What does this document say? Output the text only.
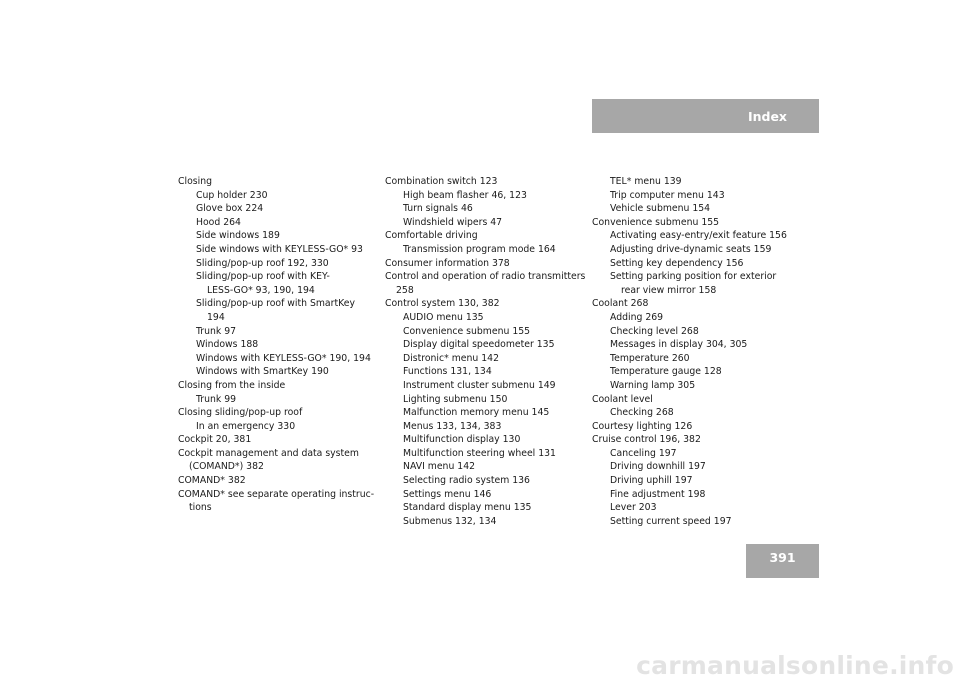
Index
Closing
Cup holder 230
Glove box 224
Hood 264
Side windows 189
Side windows with KEYLESS-GO* 93
Sliding/pop-up roof 192, 330
Sliding/pop-up roof with KEY-
LESS-GO* 93, 190, 194
Sliding/pop-up roof with SmartKey
194
Trunk 97
Windows 188
Windows with KEYLESS-GO* 190, 194
Windows with SmartKey 190
Closing from the inside
Trunk 99
Closing sliding/pop-up roof
In an emergency 330
Cockpit 20, 381
Cockpit management and data system
(COMAND*) 382
COMAND* 382
COMAND* see separate operating instruc-
tions
Combination switch 123
High beam flasher 46, 123
Turn signals 46
Windshield wipers 47
Comfortable driving
Transmission program mode 164
Consumer information 378
Control and operation of radio transmitters
258
Control system 130, 382
AUDIO menu 135
Convenience submenu 155
Display digital speedometer 135
Distronic* menu 142
Functions 131, 134
Instrument cluster submenu 149
Lighting submenu 150
Malfunction memory menu 145
Menus 133, 134, 383
Multifunction display 130
Multifunction steering wheel 131
NAVI menu 142
Selecting radio system 136
Settings menu 146
Standard display menu 135
Submenus 132, 134
TEL* menu 139
Trip computer menu 143
Vehicle submenu 154
Convenience submenu 155
Activating easy-entry/exit feature 156
Adjusting drive-dynamic seats 159
Setting key dependency 156
Setting parking position for exterior
rear view mirror 158
Coolant 268
Adding 269
Checking level 268
Messages in display 304, 305
Temperature 260
Temperature gauge 128
Warning lamp 305
Coolant level
Checking 268
Courtesy lighting 126
Cruise control 196, 382
Canceling 197
Driving downhill 197
Driving uphill 197
Fine adjustment 198
Lever 203
Setting current speed 197
391
carmanualsonline.info
